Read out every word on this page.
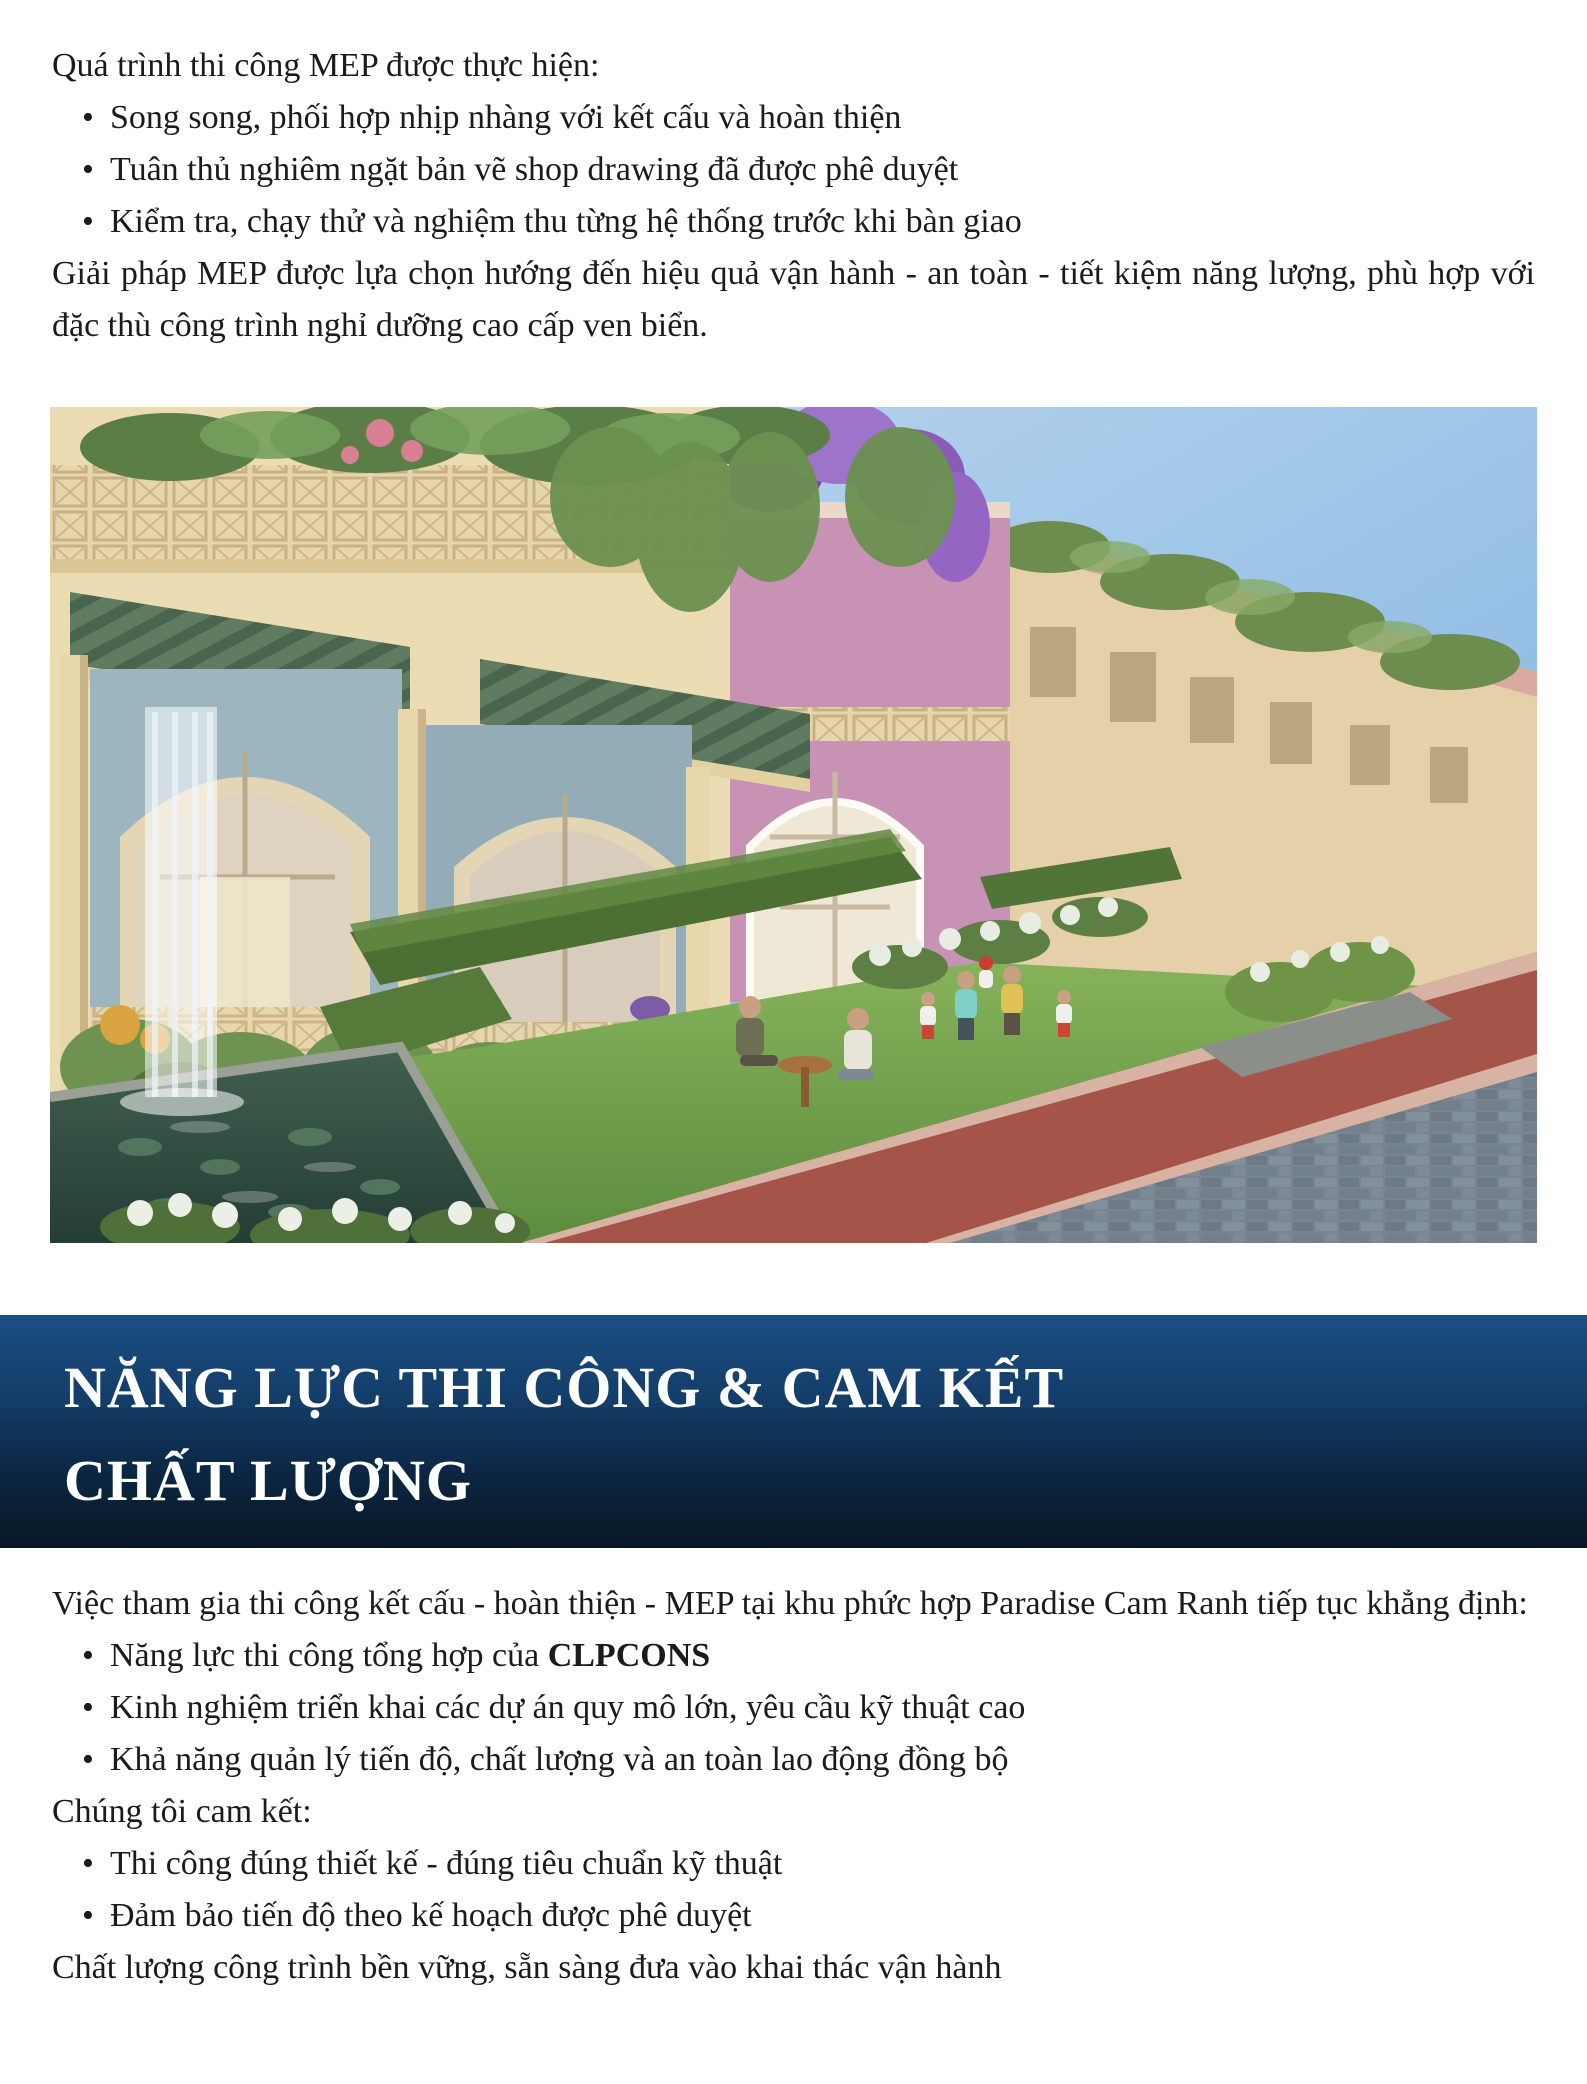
Quá trình thi công MEP được thực hiện:

• Song song, phối hợp nhịp nhàng với kết cấu và hoàn thiện
• Tuân thủ nghiêm ngặt bản vẽ shop drawing đã được phê duyệt
• Kiểm tra, chạy thử và nghiệm thu từng hệ thống trước khi bàn giao

Giải pháp MEP được lựa chọn hướng đến hiệu quả vận hành - an toàn - tiết kiệm năng lượng, phù hợp với đặc thù công trình nghỉ dưỡng cao cấp ven biển.

NĂNG LỰC THI CÔNG & CAM KẾT
CHẤT LƯỢNG

Việc tham gia thi công kết cấu - hoàn thiện - MEP tại khu phức hợp Paradise Cam Ranh tiếp tục khẳng định:

• Năng lực thi công tổng hợp của CLPCONS
• Kinh nghiệm triển khai các dự án quy mô lớn, yêu cầu kỹ thuật cao
• Khả năng quản lý tiến độ, chất lượng và an toàn lao động đồng bộ

Chúng tôi cam kết:

• Thi công đúng thiết kế - đúng tiêu chuẩn kỹ thuật
• Đảm bảo tiến độ theo kế hoạch được phê duyệt

Chất lượng công trình bền vững, sẵn sàng đưa vào khai thác vận hành
